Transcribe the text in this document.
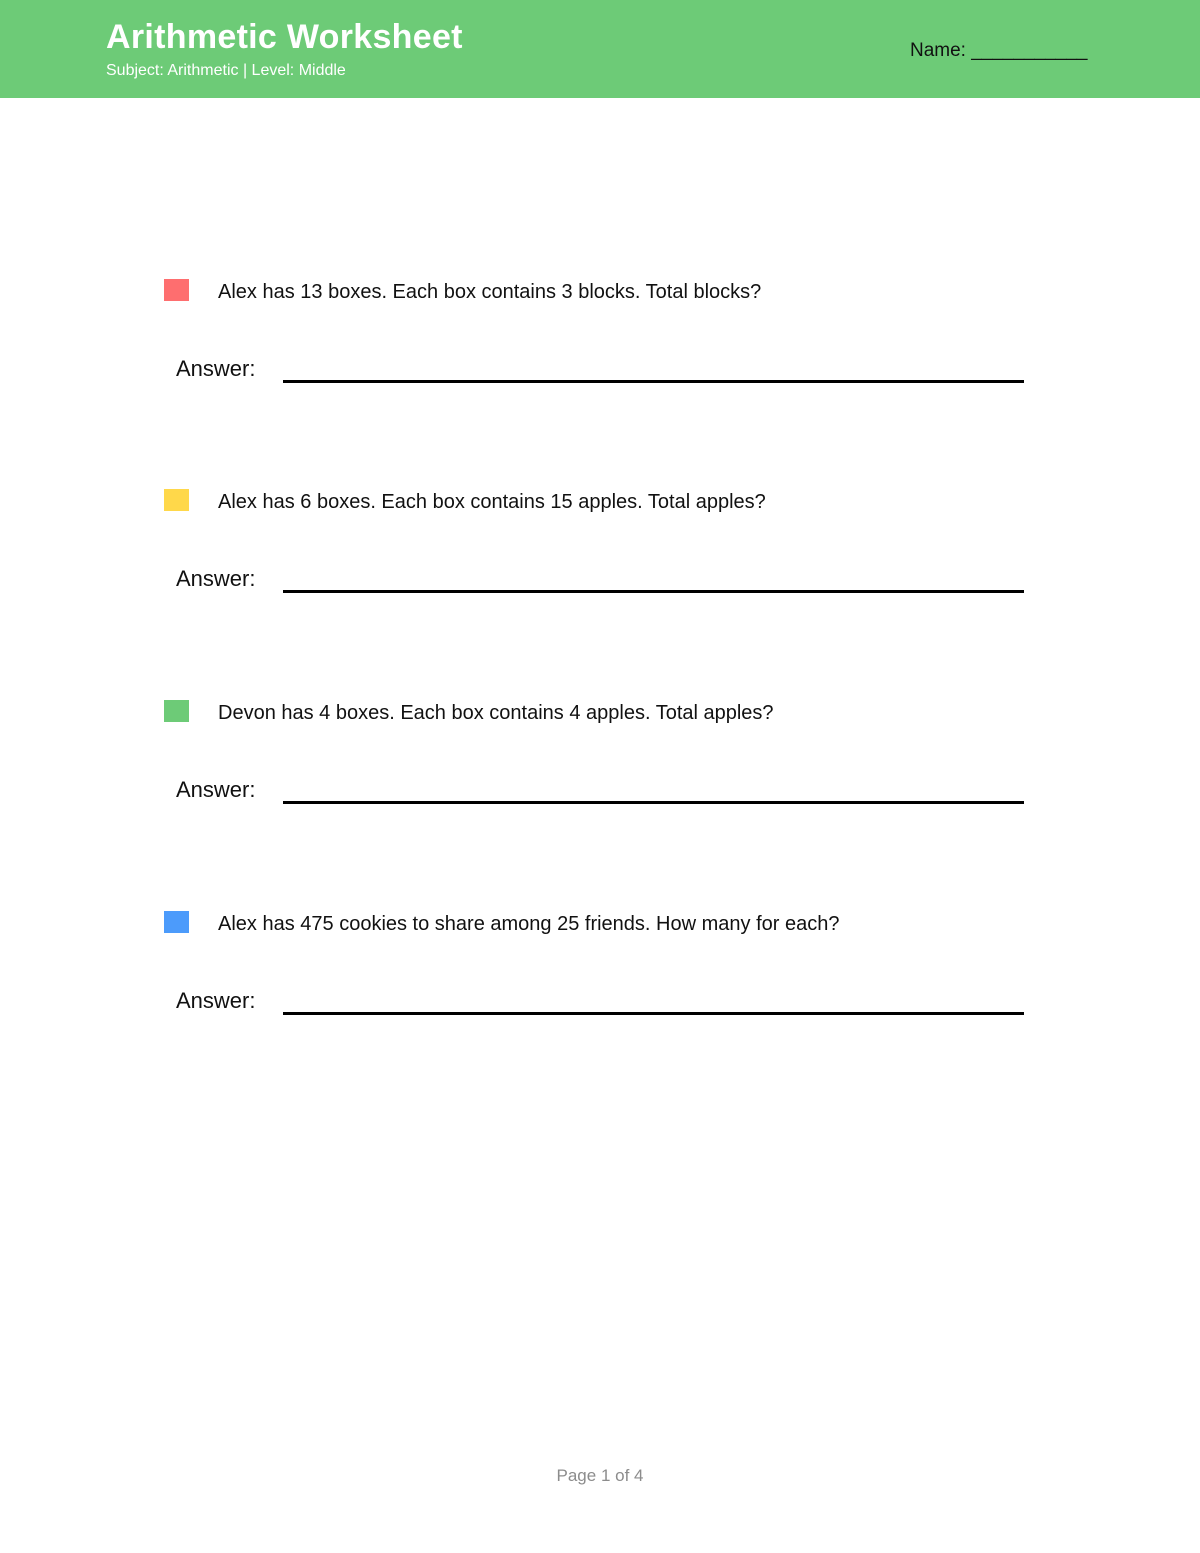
Arithmetic Worksheet
Subject: Arithmetic | Level: Middle
Name: ___________
Alex has 13 boxes. Each box contains 3 blocks. Total blocks?
Answer:
Alex has 6 boxes. Each box contains 15 apples. Total apples?
Answer:
Devon has 4 boxes. Each box contains 4 apples. Total apples?
Answer:
Alex has 475 cookies to share among 25 friends. How many for each?
Answer:
Page 1 of 4
